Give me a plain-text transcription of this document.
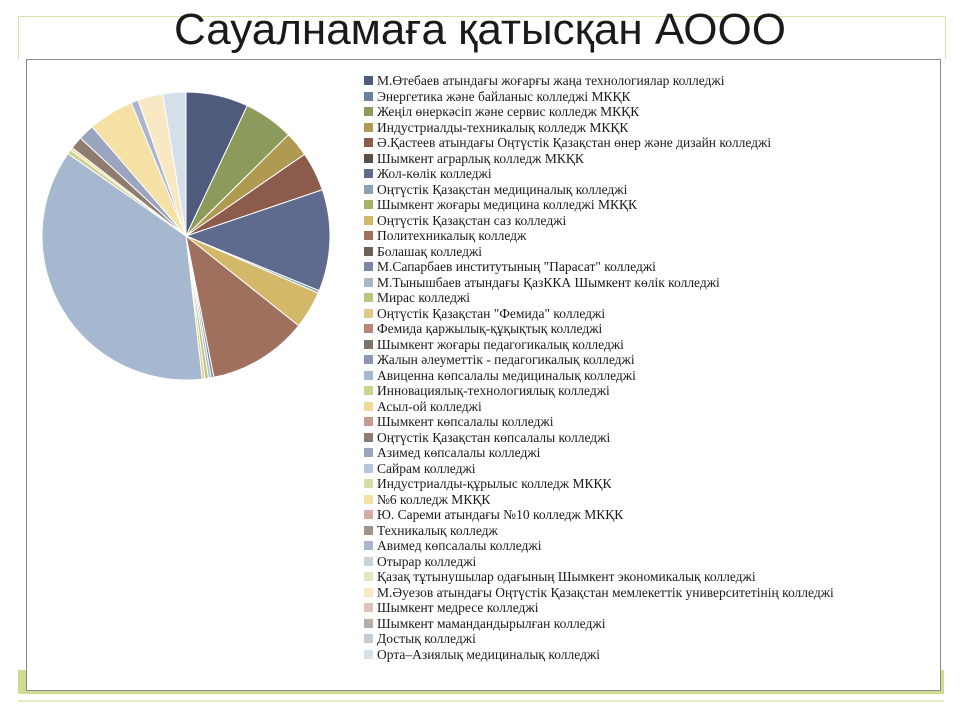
Сауалнамаға қатысқан АООО
М.Өтебаев атындағы жоғарғы жаңа технологиялар колледжі
Энергетика және байланыс колледжі МКҚК
Жеңіл өнеркәсіп және сервис колледж МКҚК
Индустриалды-техникалық колледж МКҚК
Ә.Қастеев атындағы Оңтүстік Қазақстан өнер және дизайн колледжі
Шымкент аграрлық колледж МКҚК
Жол-көлік колледжі
Оңтүстік Қазақстан медициналық колледжі
Шымкент жоғары медицина колледжі МКҚК
Оңтүстік Қазақстан саз колледжі
Политехникалық колледж
Болашақ колледжі
М.Сапарбаев институтының "Парасат" колледжі
М.Тынышбаев атындағы ҚазККА Шымкент көлік колледжі
Мирас колледжі
Оңтүстік Қазақстан "Фемида" колледжі
Фемида қаржылық-құқықтық колледжі
Шымкент жоғары педагогикалық колледжі
Жалын әлеуметтік - педагогикалық колледжі
Авиценна көпсалалы медициналық колледжі
Инновациялық-технологиялық колледжі
Асыл-ой колледжі
Шымкент көпсалалы колледжі
Оңтүстік Қазақстан көпсалалы колледжі
Азимед көпсалалы колледжі
Сайрам колледжі
Индустриалды-құрылыс колледж МКҚК
№6 колледж МКҚК
Ю. Сареми атындағы №10 колледж МКҚК
Техникалық колледж
Авимед көпсалалы колледжі
Отырар колледжі
Қазақ тұтынушылар одағының Шымкент экономикалық колледжі
М.Әуезов атындағы Оңтүстік Қазақстан мемлекеттік университетінің колледжі
Шымкент медресе колледжі
Шымкент мамандандырылған колледжі
Достық колледжі
Орта–Азиялық медициналық колледжі
